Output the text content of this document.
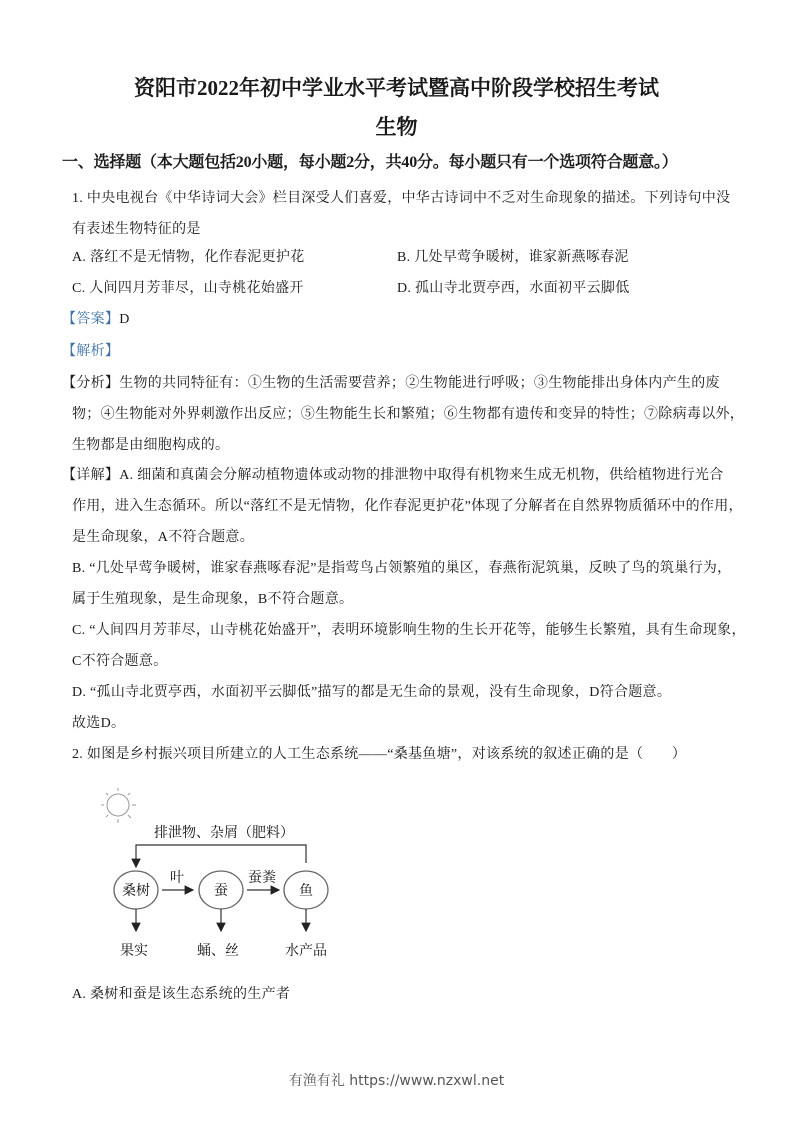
资阳市2022年初中学业水平考试暨高中阶段学校招生考试
生物
一、选择题（本大题包括20小题，每小题2分，共40分。每小题只有一个选项符合题意。）
1. 中央电视台《中华诗词大会》栏目深受人们喜爱，中华古诗词中不乏对生命现象的描述。下列诗句中没
有表述生物特征的是
A. 落红不是无情物，化作春泥更护花	B. 几处早莺争暖树，谁家新燕啄春泥
C. 人间四月芳菲尽，山寺桃花始盛开	D. 孤山寺北贾亭西，水面初平云脚低
【答案】D
【解析】
【分析】生物的共同特征有：①生物的生活需要营养；②生物能进行呼吸；③生物能排出身体内产生的废
物；④生物能对外界刺激作出反应；⑤生物能生长和繁殖；⑥生物都有遗传和变异的特性；⑦除病毒以外，
生物都是由细胞构成的。
【详解】A. 细菌和真菌会分解动植物遗体或动物的排泄物中取得有机物来生成无机物，供给植物进行光合
作用，进入生态循环。所以“落红不是无情物，化作春泥更护花”体现了分解者在自然界物质循环中的作用，
是生命现象，A不符合题意。
B. “几处早莺争暖树，谁家春燕啄春泥”是指莺鸟占领繁殖的巢区，春燕衔泥筑巢，反映了鸟的筑巢行为，
属于生殖现象，是生命现象，B不符合题意。
C. “人间四月芳菲尽，山寺桃花始盛开”，表明环境影响生物的生长开花等，能够生长繁殖，具有生命现象，
C不符合题意。
D. “孤山寺北贾亭西，水面初平云脚低”描写的都是无生命的景观，没有生命现象，D符合题意。
故选D。
2. 如图是乡村振兴项目所建立的人工生态系统——“桑基鱼塘”，对该系统的叙述正确的是（　　）
排泄物、杂屑（肥料）
桑树	蚕	鱼
叶	蚕粪
果实	蛹、丝	水产品
A. 桑树和蚕是该生态系统的生产者
有渔有礼 https://www.nzxwl.net
